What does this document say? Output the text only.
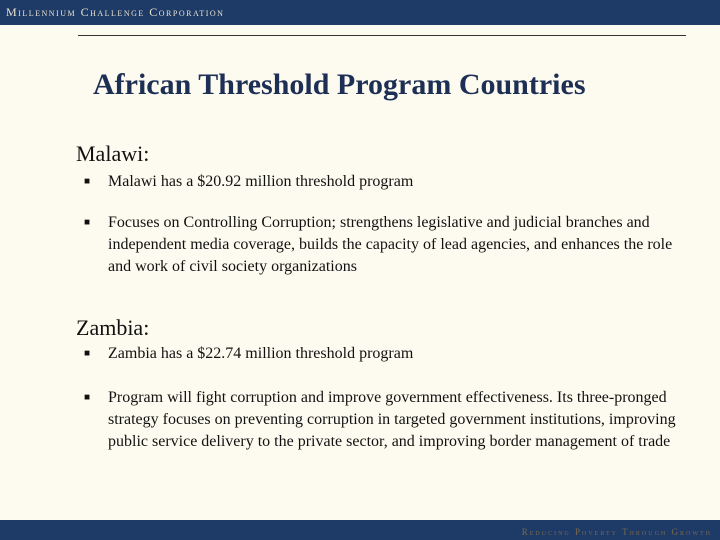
Millennium Challenge Corporation
African Threshold Program Countries
Malawi:
■ Malawi has a $20.92 million threshold program
■ Focuses on Controlling Corruption; strengthens legislative and judicial branches and independent media coverage, builds the capacity of lead agencies, and enhances the role and work of civil society organizations
Zambia:
■ Zambia has a $22.74 million threshold program
■ Program will fight corruption and improve government effectiveness. Its three-pronged strategy focuses on preventing corruption in targeted government institutions, improving public service delivery to the private sector, and improving border management of trade
Reducing Poverty Through Growth
